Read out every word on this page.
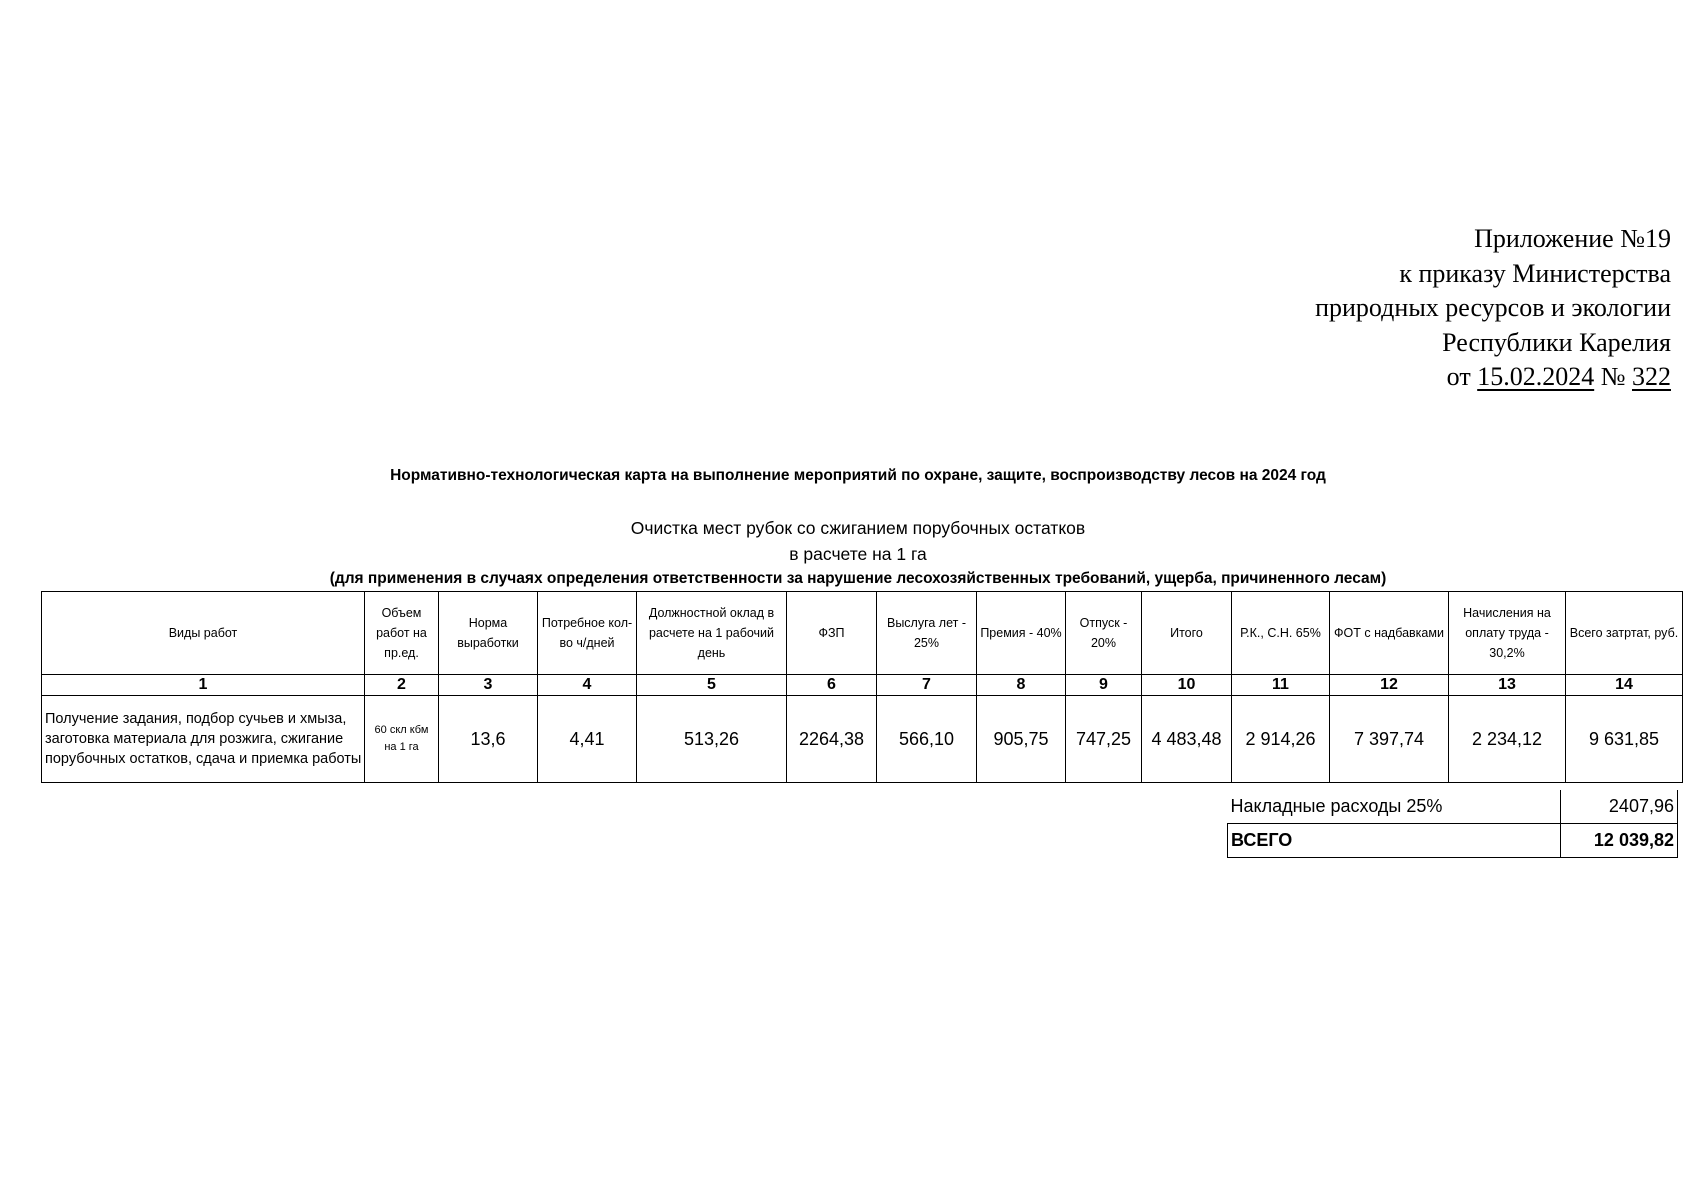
Приложение №19
к приказу Министерства
природных ресурсов и экологии
Республики Карелия
от 15.02.2024 № 322
Нормативно-технологическая карта на выполнение мероприятий по охране, защите, воспроизводству лесов на 2024 год
Очистка мест рубок со сжиганием порубочных остатков
в расчете на 1 га
(для применения в случаях определения ответственности за нарушение лесохозяйственных требований, ущерба, причиненного лесам)
Виды работ	Объем работ на пр.ед.	Норма выработки	Потребное кол-во ч/дней	Должностной оклад в расчете на 1 рабочий день	ФЗП	Выслуга лет - 25%	Премия - 40%	Отпуск - 20%	Итого	Р.К., С.Н. 65%	ФОТ с надбавками	Начисления на оплату труда - 30,2%	Всего затртат, руб.
1	2	3	4	5	6	7	8	9	10	11	12	13	14
Получение задания, подбор сучьев и хмыза, заготовка материала для розжига, сжигание порубочных остатков, сдача и приемка работы	60 скл кбм на 1 га	13,6	4,41	513,26	2264,38	566,10	905,75	747,25	4 483,48	2 914,26	7 397,74	2 234,12	9 631,85
Накладные расходы 25%	2407,96
ВСЕГО	12 039,82
